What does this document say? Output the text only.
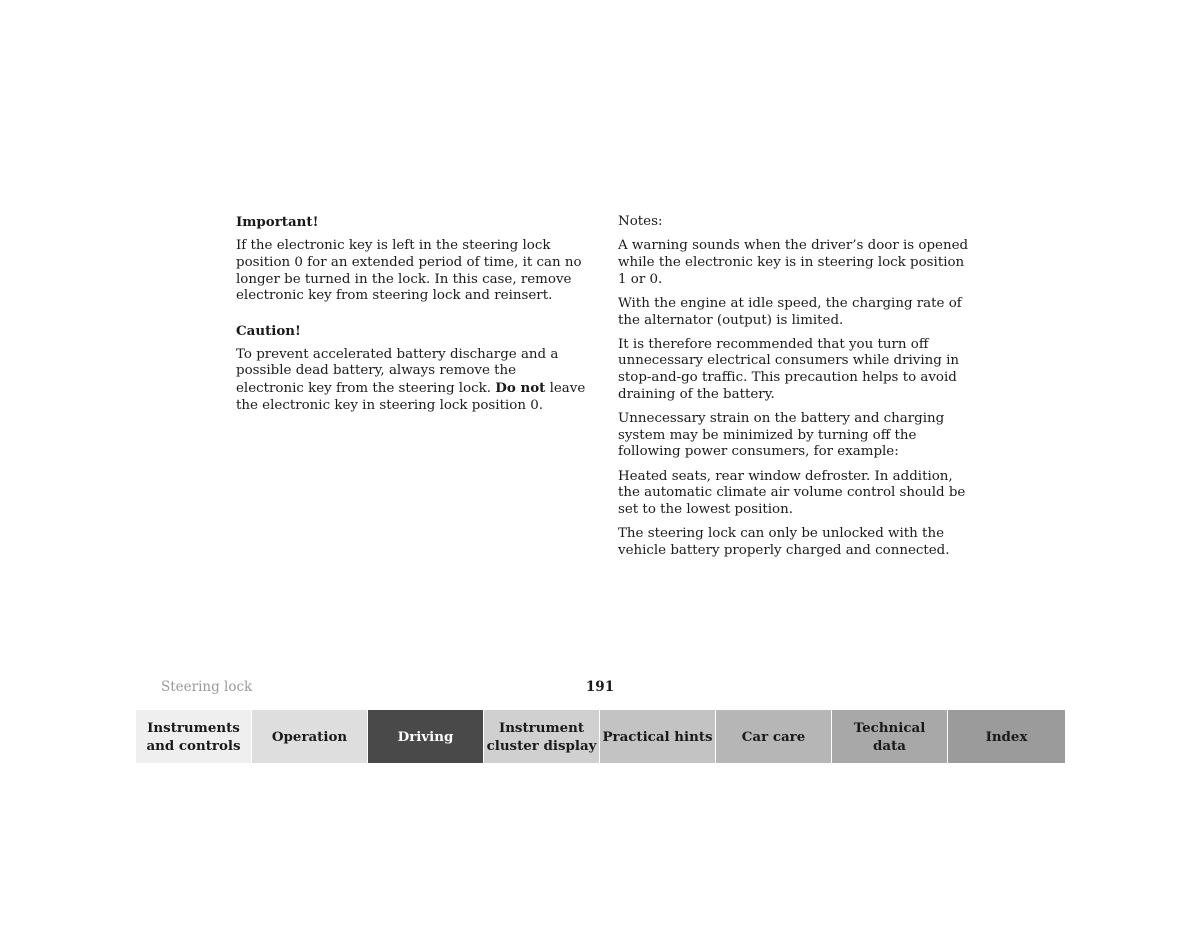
Important!

If the electronic key is left in the steering lock position 0 for an extended period of time, it can no longer be turned in the lock. In this case, remove electronic key from steering lock and reinsert.

Caution!

To prevent accelerated battery discharge and a possible dead battery, always remove the electronic key from the steering lock. Do not leave the electronic key in steering lock position 0.

Notes:

A warning sounds when the driver’s door is opened while the electronic key is in steering lock position 1 or 0.

With the engine at idle speed, the charging rate of the alternator (output) is limited.

It is therefore recommended that you turn off unnecessary electrical consumers while driving in stop-and-go traffic. This precaution helps to avoid draining of the battery.

Unnecessary strain on the battery and charging system may be minimized by turning off the following power consumers, for example:

Heated seats, rear window defroster. In addition, the automatic climate air volume control should be set to the lowest position.

The steering lock can only be unlocked with the vehicle battery properly charged and connected.

Steering lock	191
Instruments
and controls
Operation	Driving
Instrument
cluster display
Practical hints Car care
Technical
data
Index
